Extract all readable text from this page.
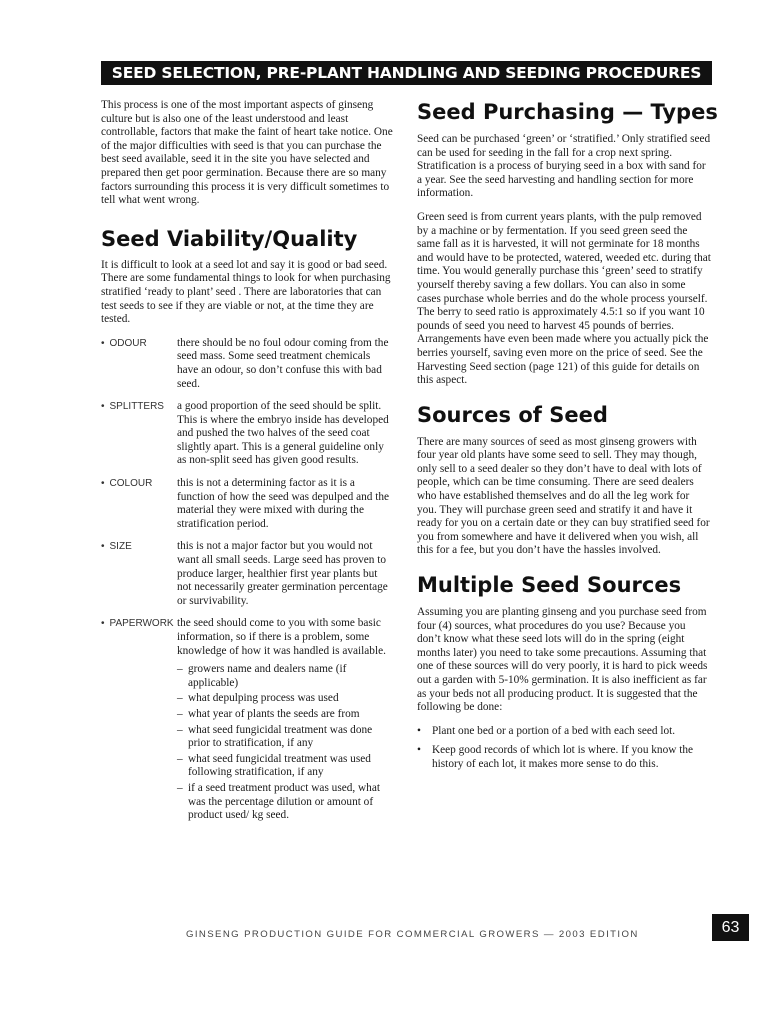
SEED SELECTION, PRE-PLANT HANDLING AND SEEDING PROCEDURES

This process is one of the most important aspects of ginseng culture but is also one of the least understood and least controllable, factors that make the faint of heart take notice. One of the major difficulties with seed is that you can purchase the best seed available, seed it in the site you have selected and prepared then get poor germination. Because there are so many factors surrounding this process it is very difficult sometimes to tell what went wrong.

Seed Viability/Quality

It is difficult to look at a seed lot and say it is good or bad seed. There are some fundamental things to look for when purchasing stratified ‘ready to plant’ seed . There are laboratories that can test seeds to see if they are viable or not, at the time they are tested.

• ODOUR	there should be no foul odour coming from the seed mass. Some seed treatment chemicals have an odour, so don’t confuse this with bad seed.
• SPLITTERS	a good proportion of the seed should be split. This is where the embryo inside has developed and pushed the two halves of the seed coat slightly apart. This is a general guideline only as non-split seed has given good results.
• COLOUR	this is not a determining factor as it is a function of how the seed was depulped and the material they were mixed with during the stratification period.
• SIZE	this is not a major factor but you would not want all small seeds. Large seed has proven to produce larger, healthier first year plants but not necessarily greater germination percentage or survivability.
• PAPERWORK the seed should come to you with some basic information, so if there is a problem, some knowledge of how it was handled is available.
– growers name and dealers name (if applicable)
– what depulping process was used
– what year of plants the seeds are from
– what seed fungicidal treatment was done prior to stratification, if any
– what seed fungicidal treatment was used following stratification, if any
– if a seed treatment product was used, what was the percentage dilution or amount of product used/ kg seed.
Seed Purchasing — Types

Seed can be purchased ‘green’ or ‘stratified.’ Only stratified seed can be used for seeding in the fall for a crop next spring. Stratification is a process of burying seed in a box with sand for a year. See the seed harvesting and handling section for more information.

Green seed is from current years plants, with the pulp removed by a machine or by fermentation. If you seed green seed the same fall as it is harvested, it will not germinate for 18 months and would have to be protected, watered, weeded etc. during that time. You would generally purchase this ‘green’ seed to stratify yourself thereby saving a few dollars. You can also in some cases purchase whole berries and do the whole process yourself. The berry to seed ratio is approximately 4.5:1 so if you want 10 pounds of seed you need to harvest 45 pounds of berries. Arrangements have even been made where you actually pick the berries yourself, saving even more on the price of seed. See the Harvesting Seed section (page 121) of this guide for details on this aspect.

Sources of Seed

There are many sources of seed as most ginseng growers with four year old plants have some seed to sell. They may though, only sell to a seed dealer so they don’t have to deal with lots of people, which can be time consuming. There are seed dealers who have established themselves and do all the leg work for you. They will purchase green seed and stratify it and have it ready for you on a certain date or they can buy stratified seed for you from somewhere and have it delivered when you wish, all this for a fee, but you don’t have the hassles involved.

Multiple Seed Sources

Assuming you are planting ginseng and you purchase seed from four (4) sources, what procedures do you use? Because you don’t know what these seed lots will do in the spring (eight months later) you need to take some precautions. Assuming that one of these sources will do very poorly, it is hard to pick weeds out a garden with 5-10% germination. It is also inefficient as far as your beds not all producing product. It is suggested that the following be done:

• Plant one bed or a portion of a bed with each seed lot.
• Keep good records of which lot is where. If you know the history of each lot, it makes more sense to do this.
GINSENG PRODUCTION GUIDE FOR COMMERCIAL GROWERS — 2003 EDITION	63
